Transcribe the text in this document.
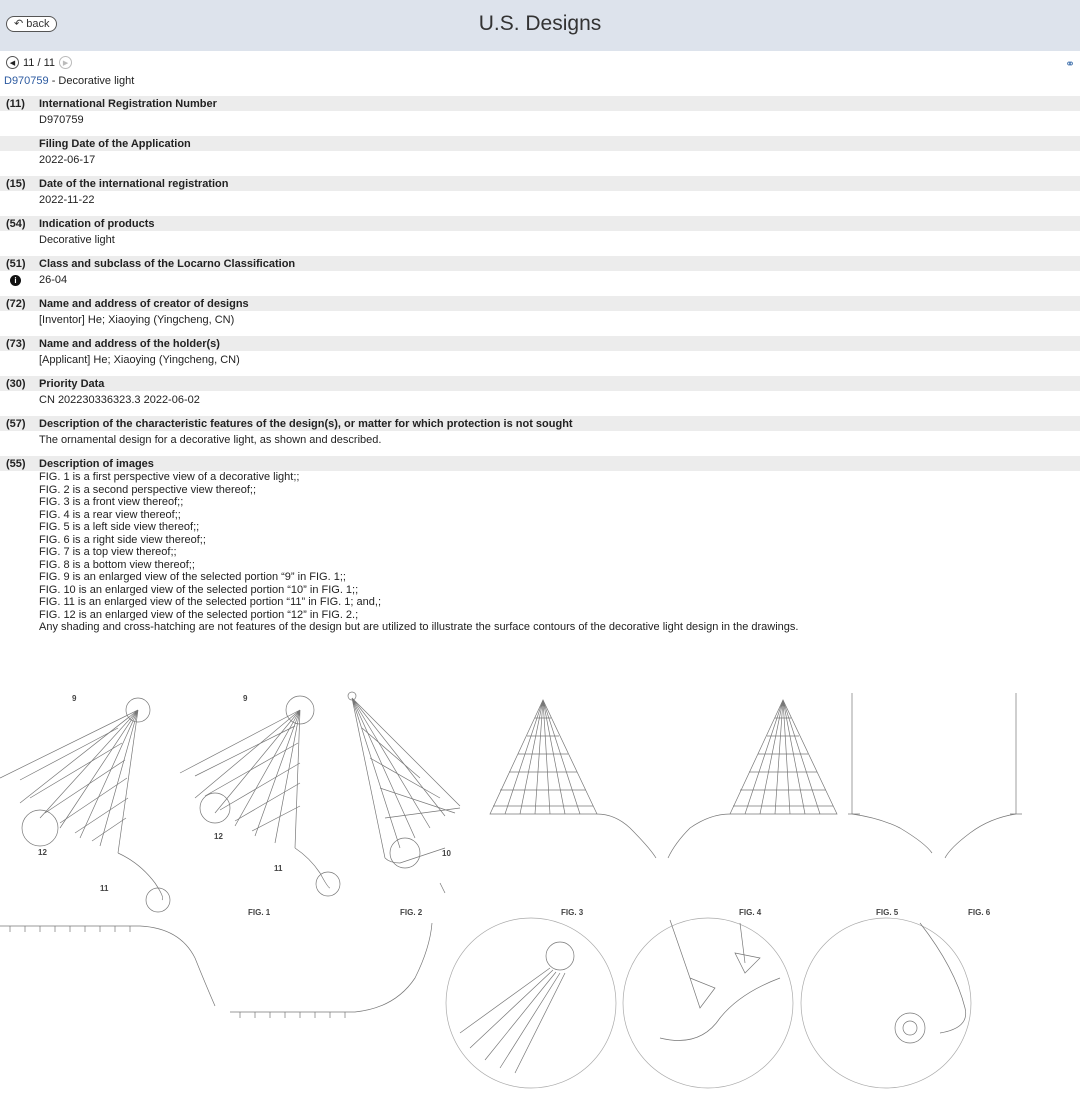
↶ back	U.S. Designs
◀ 11 / 11	▶	⚭
D970759 - Decorative light
(11)	International Registration Number
D970759
Filing Date of the Application
2022-06-17
(15)	Date of the international registration
2022-11-22
(54)	Indication of products
Decorative light
(51)	Class and subclass of the Locarno Classification
i	26-04
(72)	Name and address of creator of designs
[Inventor] He; Xiaoying (Yingcheng, CN)
(73)	Name and address of the holder(s)
[Applicant] He; Xiaoying (Yingcheng, CN)
(30)	Priority Data
CN 202230336323.3 2022-06-02
(57)	Description of the characteristic features of the design(s), or matter for which protection is not sought
The ornamental design for a decorative light, as shown and described.
(55)	Description of images
FIG. 1 is a first perspective view of a decorative light;;
FIG. 2 is a second perspective view thereof;;
FIG. 3 is a front view thereof;;
FIG. 4 is a rear view thereof;;
FIG. 5 is a left side view thereof;;
FIG. 6 is a right side view thereof;;
FIG. 7 is a top view thereof;;
FIG. 8 is a bottom view thereof;;
FIG. 9 is an enlarged view of the selected portion “9” in FIG. 1;;
FIG. 10 is an enlarged view of the selected portion “10” in FIG. 1;;
FIG. 11 is an enlarged view of the selected portion “11” in FIG. 1; and,;
FIG. 12 is an enlarged view of the selected portion “12” in FIG. 2.;
Any shading and cross-hatching are not features of the design but are utilized to illustrate the surface contours of the decorative light design in the drawings.
9
12
11
9
12
11
10
FIG. 1	FIG. 2	FIG. 3	FIG. 4	FIG. 5	FIG. 6
